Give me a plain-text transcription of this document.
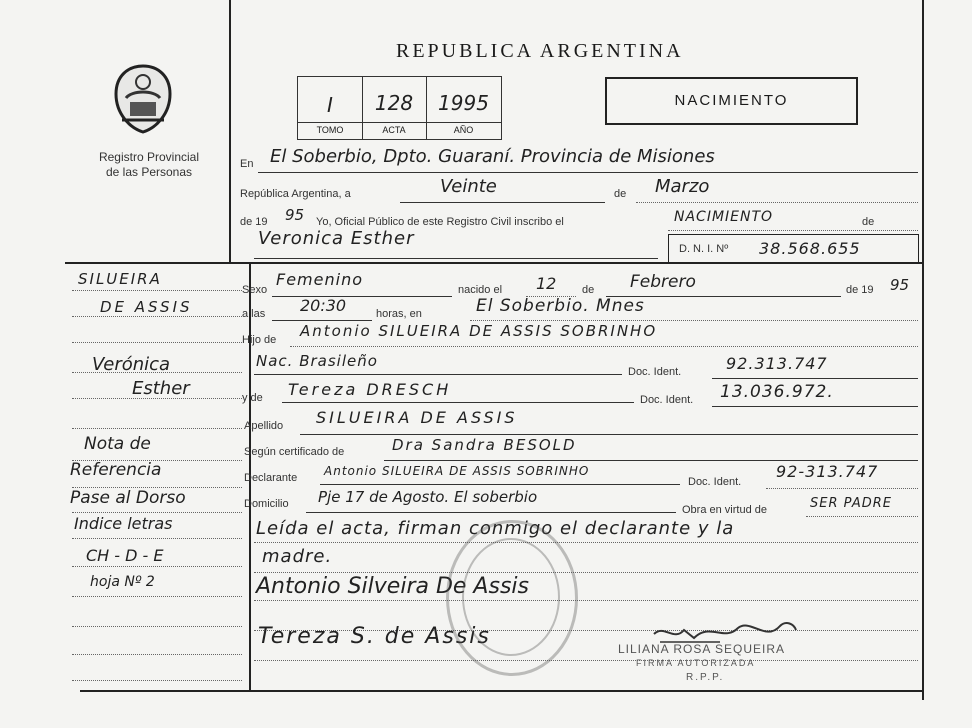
REPUBLICA ARGENTINA
Registro Provincial
de las Personas
I	128	1995
TOMO	ACTA	AÑO
NACIMIENTO
SILUEIRA
DE ASSIS
Verónica
Esther
Nota de
Referencia
Pase al Dorso
Indice letras
CH - D - E
hoja Nº 2
En El Soberbio, Dpto. Guaraní. Provincia de Misiones
República Argentina, a	Veinte	de Marzo
de 19 95 Yo, Oficial Público de este Registro Civil inscribo el	NACIMIENTO	de
Veronica Esther	D. N. I. Nº 38.568.655
Sexo
Femenino
nacido el 12 de Febrero	de 19 95
a las 20:30	horas, en	El Soberbio. Mnes
Hijo de Antonio SILUEIRA DE ASSIS SOBRINHO
Nac. Brasileño
Doc. Ident.	92.313.747
y de Tereza DRESCH
Doc. Ident. 13.036.972.
Apellido SILUEIRA DE ASSIS
Según certificado de	Dra Sandra BESOLD
Declarante Antonio SILUEIRA DE ASSIS SOBRINHO
Doc. Ident.
92-313.747
Domicilio Pje 17 de Agosto. El soberbio
Obra en virtud de	SER PADRE
Leída el acta, firman conmigo el declarante y la
madre.
Antonio Silveira De Assis
Tereza S. de Assis	LILIANA ROSA SEQUEIRA
FIRMA AUTORIZADA
R.P.P.
